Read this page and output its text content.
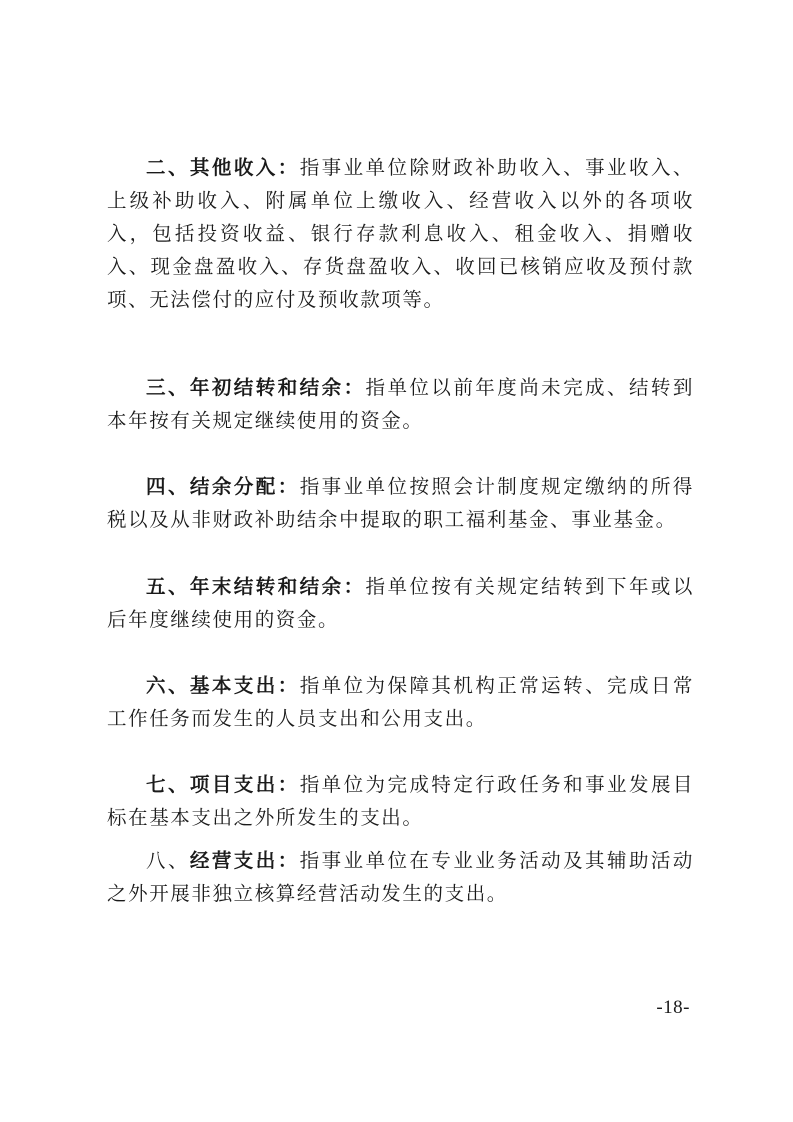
二、其他收入：指事业单位除财政补助收入、事业收入、上级补助收入、附属单位上缴收入、经营收入以外的各项收入，包括投资收益、银行存款利息收入、租金收入、捐赠收入、现金盘盈收入、存货盘盈收入、收回已核销应收及预付款项、无法偿付的应付及预收款项等。

三、年初结转和结余：指单位以前年度尚未完成、结转到本年按有关规定继续使用的资金。

四、结余分配：指事业单位按照会计制度规定缴纳的所得税以及从非财政补助结余中提取的职工福利基金、事业基金。

五、年末结转和结余：指单位按有关规定结转到下年或以后年度继续使用的资金。

六、基本支出：指单位为保障其机构正常运转、完成日常工作任务而发生的人员支出和公用支出。

七、项目支出：指单位为完成特定行政任务和事业发展目标在基本支出之外所发生的支出。

八、经营支出：指事业单位在专业业务活动及其辅助活动之外开展非独立核算经营活动发生的支出。

-18-
